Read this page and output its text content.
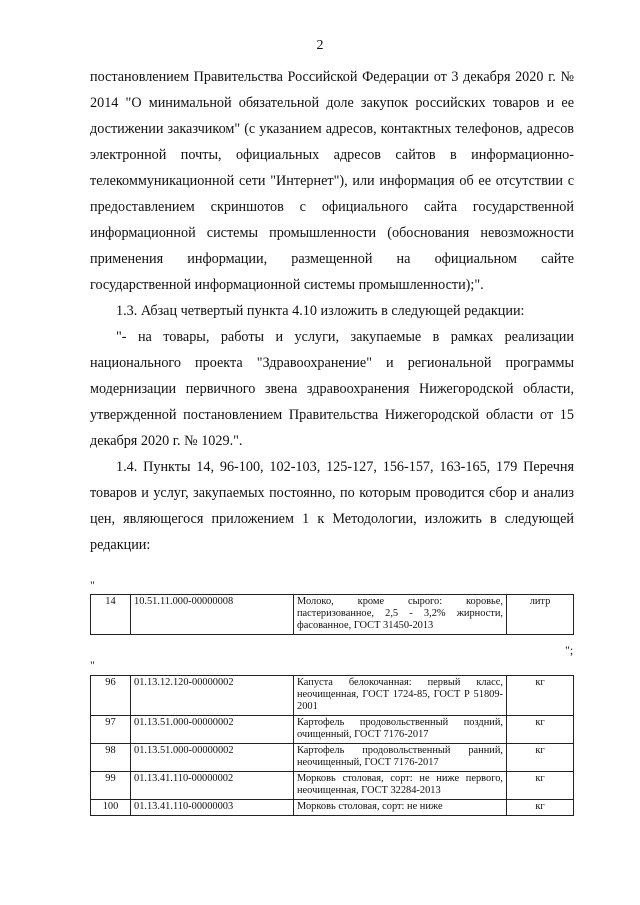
2

постановлением Правительства Российской Федерации от 3 декабря 2020 г. № 2014 "О минимальной обязательной доле закупок российских товаров и ее достижении заказчиком" (с указанием адресов, контактных телефонов, адресов электронной почты, официальных адресов сайтов в информационно-телекоммуникационной сети "Интернет"), или информация об ее отсутствии с предоставлением скриншотов с официального сайта государственной информационной системы промышленности (обоснования невозможности применения информации, размещенной на официальном сайте государственной информационной системы промышленности);".

1.3. Абзац четвертый пункта 4.10 изложить в следующей редакции:

"- на товары, работы и услуги, закупаемые в рамках реализации национального проекта "Здравоохранение" и региональной программы модернизации первичного звена здравоохранения Нижегородской области, утвержденной постановлением Правительства Нижегородской области от 15 декабря 2020 г. № 1029.".

1.4. Пункты 14, 96-100, 102-103, 125-127, 156-157, 163-165, 179 Перечня товаров и услуг, закупаемых постоянно, по которым проводится сбор и анализ цен, являющегося приложением 1 к Методологии, изложить в следующей редакции:

"
14	10.51.11.000-00000008	Молоко, кроме сырого: коровье, пастеризованное, 2,5 - 3,2% жирности, фасованное, ГОСТ 31450-2013	литр
";
"
96	01.13.12.120-00000002	Капуста белокочанная: первый класс, неочищенная, ГОСТ 1724-85, ГОСТ Р 51809-2001	кг
97	01.13.51.000-00000002	Картофель продовольственный поздний, очищенный, ГОСТ 7176-2017	кг
98	01.13.51.000-00000002	Картофель продовольственный ранний, неочищенный, ГОСТ 7176-2017	кг
99	01.13.41.110-00000002	Морковь столовая, сорт: не ниже первого, неочищенная, ГОСТ 32284-2013	кг
100	01.13.41.110-00000003	Морковь столовая, сорт: не ниже	кг
